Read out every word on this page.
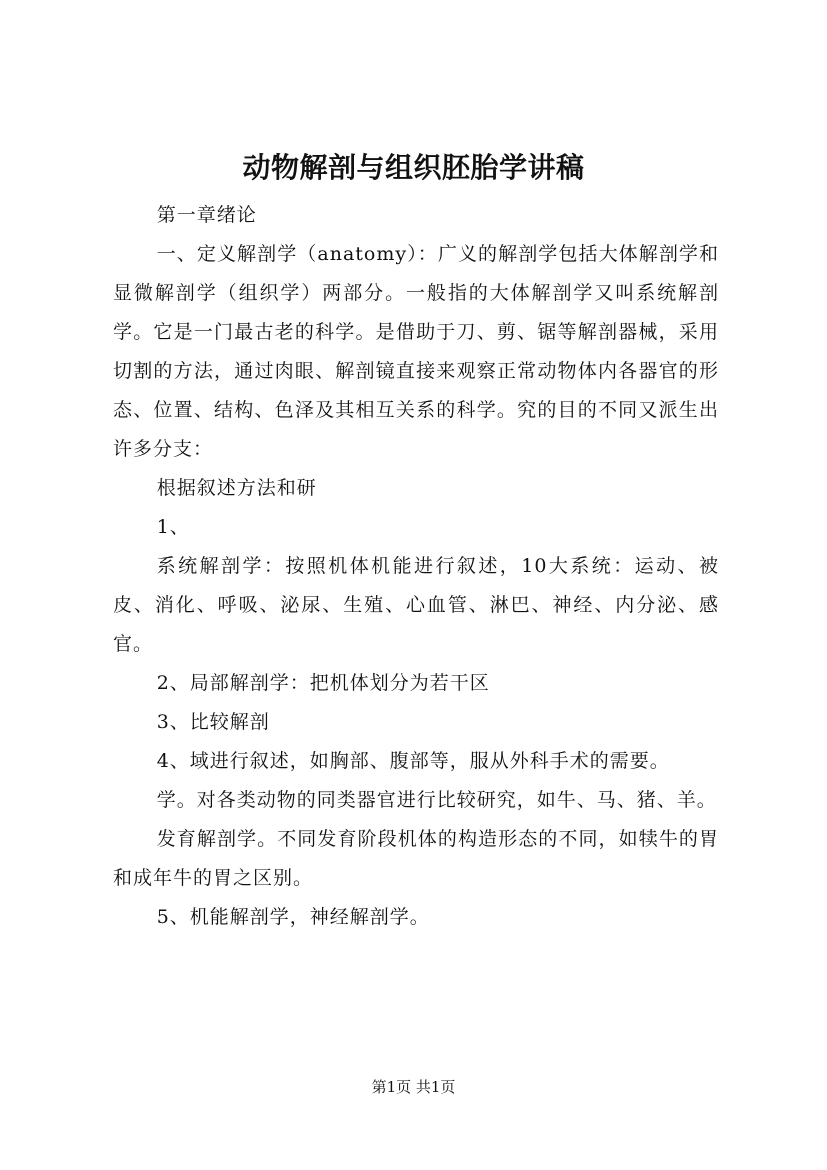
动物解剖与组织胚胎学讲稿

第一章绪论

一、定义解剖学（anatomy）：广义的解剖学包括大体解剖学和显微解剖学（组织学）两部分。一般指的大体解剖学又叫系统解剖学。它是一门最古老的科学。是借助于刀、剪、锯等解剖器械，采用切割的方法，通过肉眼、解剖镜直接来观察正常动物体内各器官的形态、位置、结构、色泽及其相互关系的科学。究的目的不同又派生出许多分支：

根据叙述方法和研

1、

系统解剖学：按照机体机能进行叙述，10大系统：运动、被皮、消化、呼吸、泌尿、生殖、心血管、淋巴、神经、内分泌、感官。

2、局部解剖学：把机体划分为若干区

3、比较解剖

4、域进行叙述，如胸部、腹部等，服从外科手术的需要。

学。对各类动物的同类器官进行比较研究，如牛、马、猪、羊。

发育解剖学。不同发育阶段机体的构造形态的不同，如犊牛的胃和成年牛的胃之区别。

5、机能解剖学，神经解剖学。

第1页 共1页
